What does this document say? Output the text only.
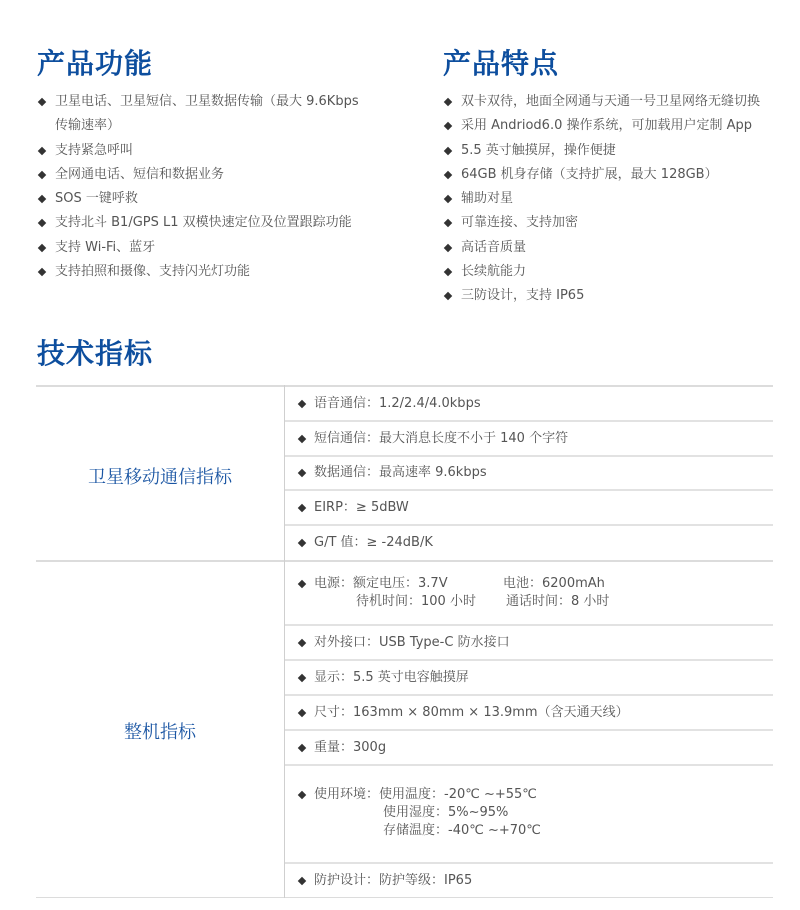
产品功能
卫星电话、卫星短信、卫星数据传输（最大 9.6Kbps
传输速率）
支持紧急呼叫
全网通电话、短信和数据业务
SOS 一键呼救
支持北斗 B1/GPS L1 双模快速定位及位置跟踪功能
支持 Wi-Fi、蓝牙
支持拍照和摄像、支持闪光灯功能
产品特点
双卡双待，地面全网通与天通一号卫星网络无缝切换
采用 Andriod6.0 操作系统，可加载用户定制 App
5.5 英寸触摸屏，操作便捷
64GB 机身存储（支持扩展，最大 128GB）
辅助对星
可靠连接、支持加密
高话音质量
长续航能力
三防设计，支持 IP65
技术指标
卫星移动通信指标
语音通信：1.2/2.4/4.0kbps
短信通信：最大消息长度不小于 140 个字符
数据通信：最高速率 9.6kbps
EIRP：≥ 5dBW
G/T 值：≥ -24dB/K
整机指标
电源：额定电压：3.7V	电池：6200mAh
待机时间：100 小时 通话时间：8 小时
对外接口：USB Type-C 防水接口
显示：5.5 英寸电容触摸屏
尺寸：163mm × 80mm × 13.9mm（含天通天线）
重量：300g
使用环境：使用温度：-20℃ ~+55℃
使用湿度：5%~95%
存储温度：-40℃ ~+70℃
防护设计：防护等级：IP65
